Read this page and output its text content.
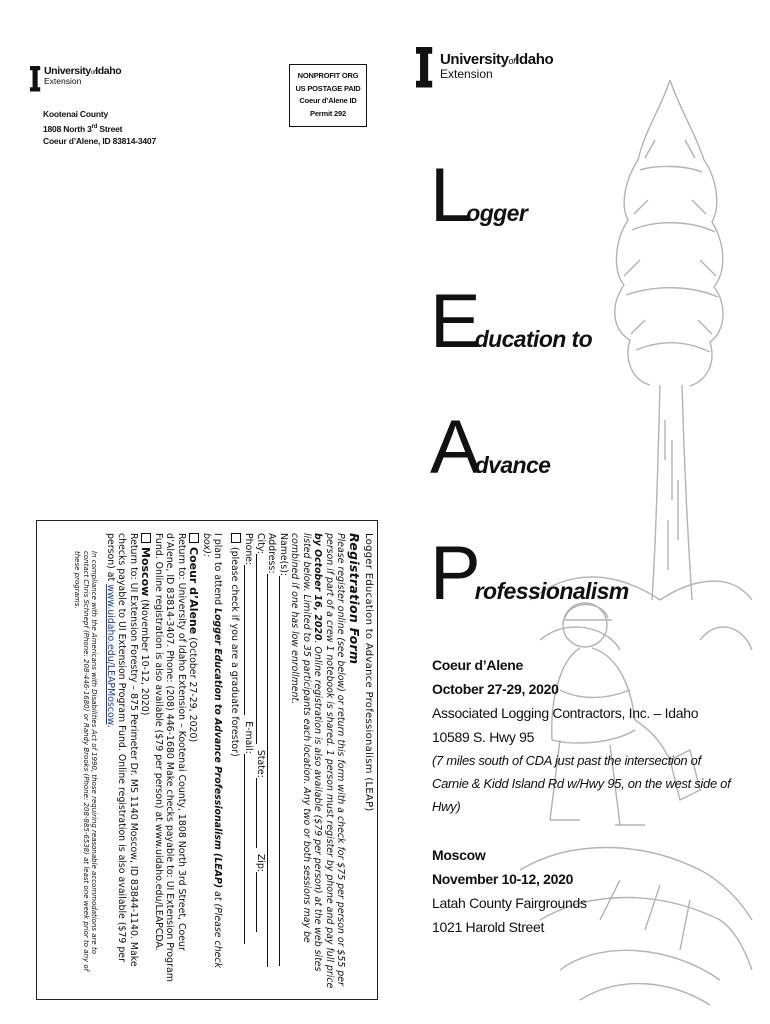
UniversityofIdaho
Extension
Kootenai County
1808 North 3rd Street
Coeur d’Alene, ID 83814-3407
NONPROFIT ORG
US POSTAGE PAID
Coeur d’Alene ID
Permit 292
Logger Education to Advance Professionalism (LEAP)
Registration Form
Please register online (see below) or return this form with a check for $75 per person or $55 per person if part of a crew 1 notebook is shared. 1 person must register by phone and pay full price by October 16, 2020. Online registration is also available ($79 per person) at the web sites listed below. Limited to 35 participants each location. Any two or both sessions may be combined if one has low enrollment.
Name(s):
Address:
City:
State:
Zip:
Phone:
E-mail:
(please check if you are a graduate forestor)
I plan to attend Logger Education to Advance Professionalism (LEAP) at (Please check box):
Coeur d’Alene (October 27-29, 2020)
Return to: University of Idaho Extension – Kootenai County, 1808 North 3rd Street, Coeur d’Alene, ID 83814-3407. Phone: (208) 446-1680 Make checks payable to: UI Extension Program Fund. Online registration is also available ($79 per person) at www.uidaho.edu/LEAPCDA.
Moscow (November 10-12, 2020)
Return to: UI Extension Forestry – 875 Perimeter Dr. MS 1140 Moscow, ID 83844-1140. Make checks payable to UI Extension Program Fund. Online registration is also available ($79 per person) at www.uidaho.edu/LEAPMoscow.
In compliance with the Americans with Disabilities Act of 1990, those requiring reasonable accommodations are to contact Chris Schnepf (Phone: 208-446-1680) or Randy Brooks (Phone: 208-885-6538) at least one week prior to any of these programs.
UniversityofIdaho
Extension
L
ogger
E
ducation to
A
dvance
P
rofessionalism
Coeur d’Alene
October 27-29, 2020
Associated Logging Contractors, Inc. – Idaho
10589 S. Hwy 95
(7 miles south of CDA just past the intersection of Carnie & Kidd Island Rd w/Hwy 95, on the west side of Hwy)
Moscow
November 10-12, 2020
Latah County Fairgrounds
1021 Harold Street
